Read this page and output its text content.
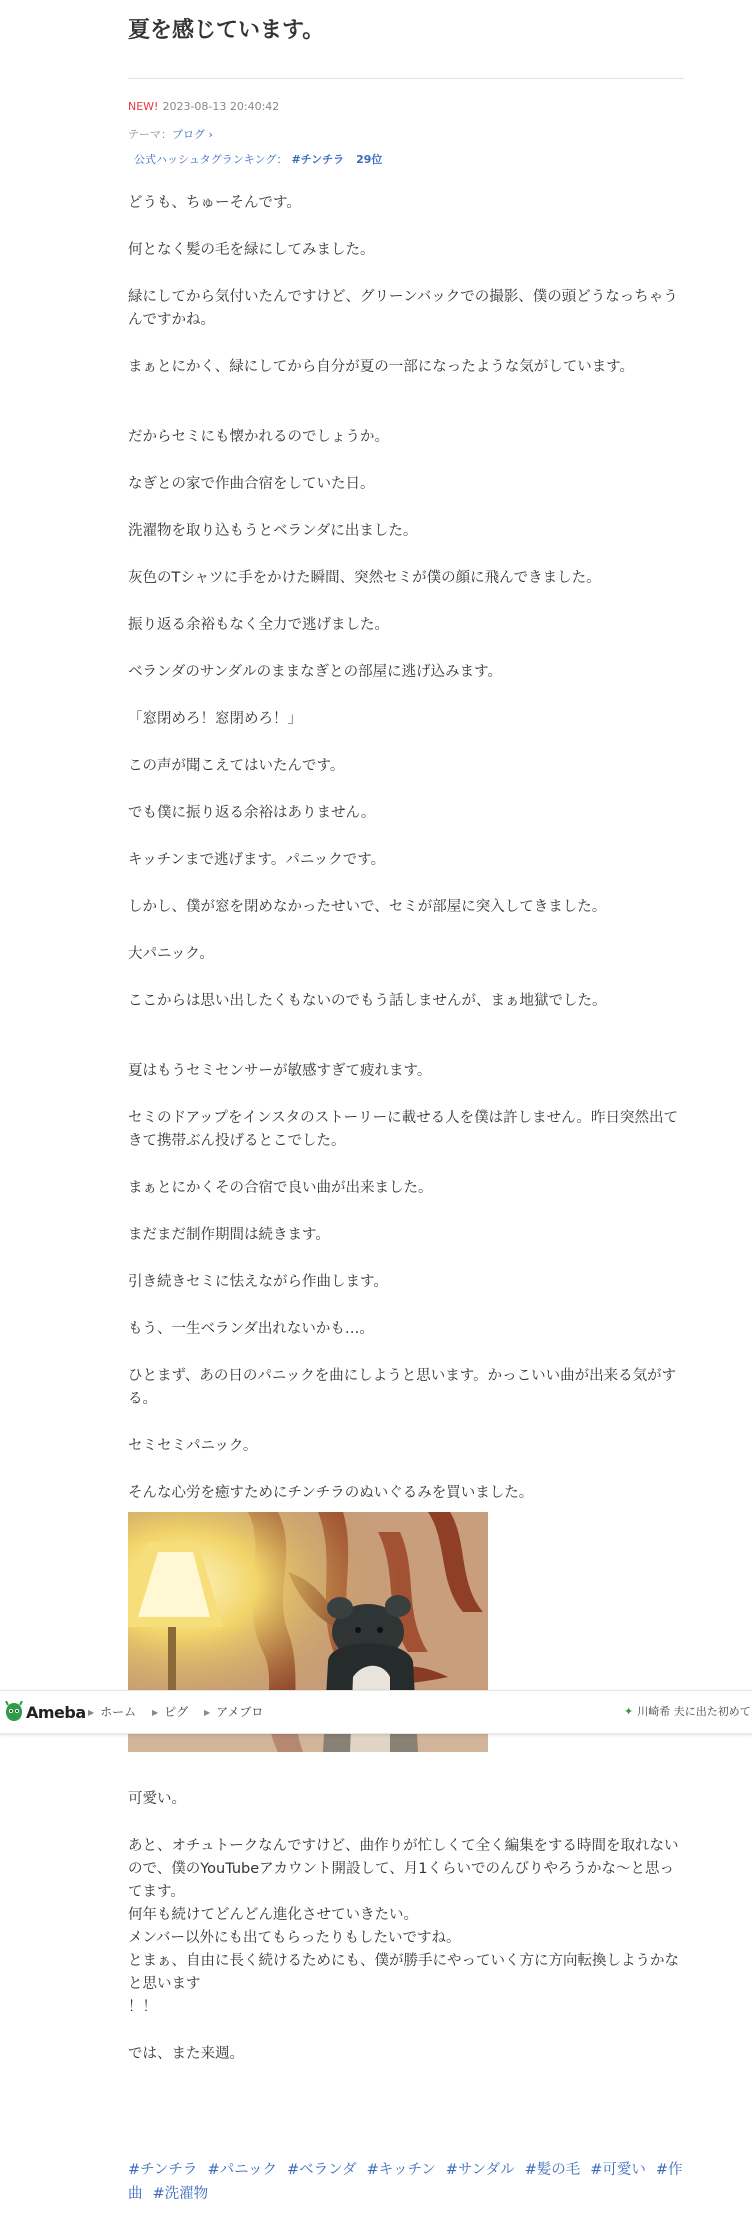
夏を感じています。
NEW! 2023-08-13 20:40:42
テーマ：ブログ ›
公式ハッシュタグランキング： #チンチラ 29位

どうも、ちゅーそんです。

何となく髪の毛を緑にしてみました。

緑にしてから気付いたんですけど、グリーンバックでの撮影、僕の頭どうなっちゃうんですかね。

まぁとにかく、緑にしてから自分が夏の一部になったような気がしています。

だからセミにも懐かれるのでしょうか。

なぎとの家で作曲合宿をしていた日。

洗濯物を取り込もうとベランダに出ました。

灰色のTシャツに手をかけた瞬間、突然セミが僕の顔に飛んできました。

振り返る余裕もなく全力で逃げました。

ベランダのサンダルのままなぎとの部屋に逃げ込みます。

「窓閉めろ！窓閉めろ！」

この声が聞こえてはいたんです。

でも僕に振り返る余裕はありません。

キッチンまで逃げます。パニックです。

しかし、僕が窓を閉めなかったせいで、セミが部屋に突入してきました。

大パニック。

ここからは思い出したくもないのでもう話しませんが、まぁ地獄でした。

夏はもうセミセンサーが敏感すぎて疲れます。

セミのドアップをインスタのストーリーに載せる人を僕は許しません。昨日突然出てきて携帯ぶん投げるとこでした。

まぁとにかくその合宿で良い曲が出来ました。

まだまだ制作期間は続きます。

引き続きセミに怯えながら作曲します。

もう、一生ベランダ出れないかも…。

ひとまず、あの日のパニックを曲にしようと思います。かっこいい曲が出来る気がする。

セミセミパニック。

そんな心労を癒すためにチンチラのぬいぐるみを買いました。

可愛い。

あと、オチュトークなんですけど、曲作りが忙しくて全く編集をする時間を取れないので、僕のYouTubeアカウント開設して、月1くらいでのんびりやろうかな～と思ってます。

何年も続けてどんどん進化させていきたい。

メンバー以外にも出てもらったりもしたいですね。

とまぁ、自由に長く続けるためにも、僕が勝手にやっていく方に方向転換しようかなと思います

！！

では、また来週。

Ameba ▶ ホーム ▶ ピグ ▶ アメブロ	✦ 川崎希 夫に出た初めて
#チンチラ #パニック #ベランダ #キッチン #サンダル #髪の毛 #可愛い #作曲 #洗濯物
